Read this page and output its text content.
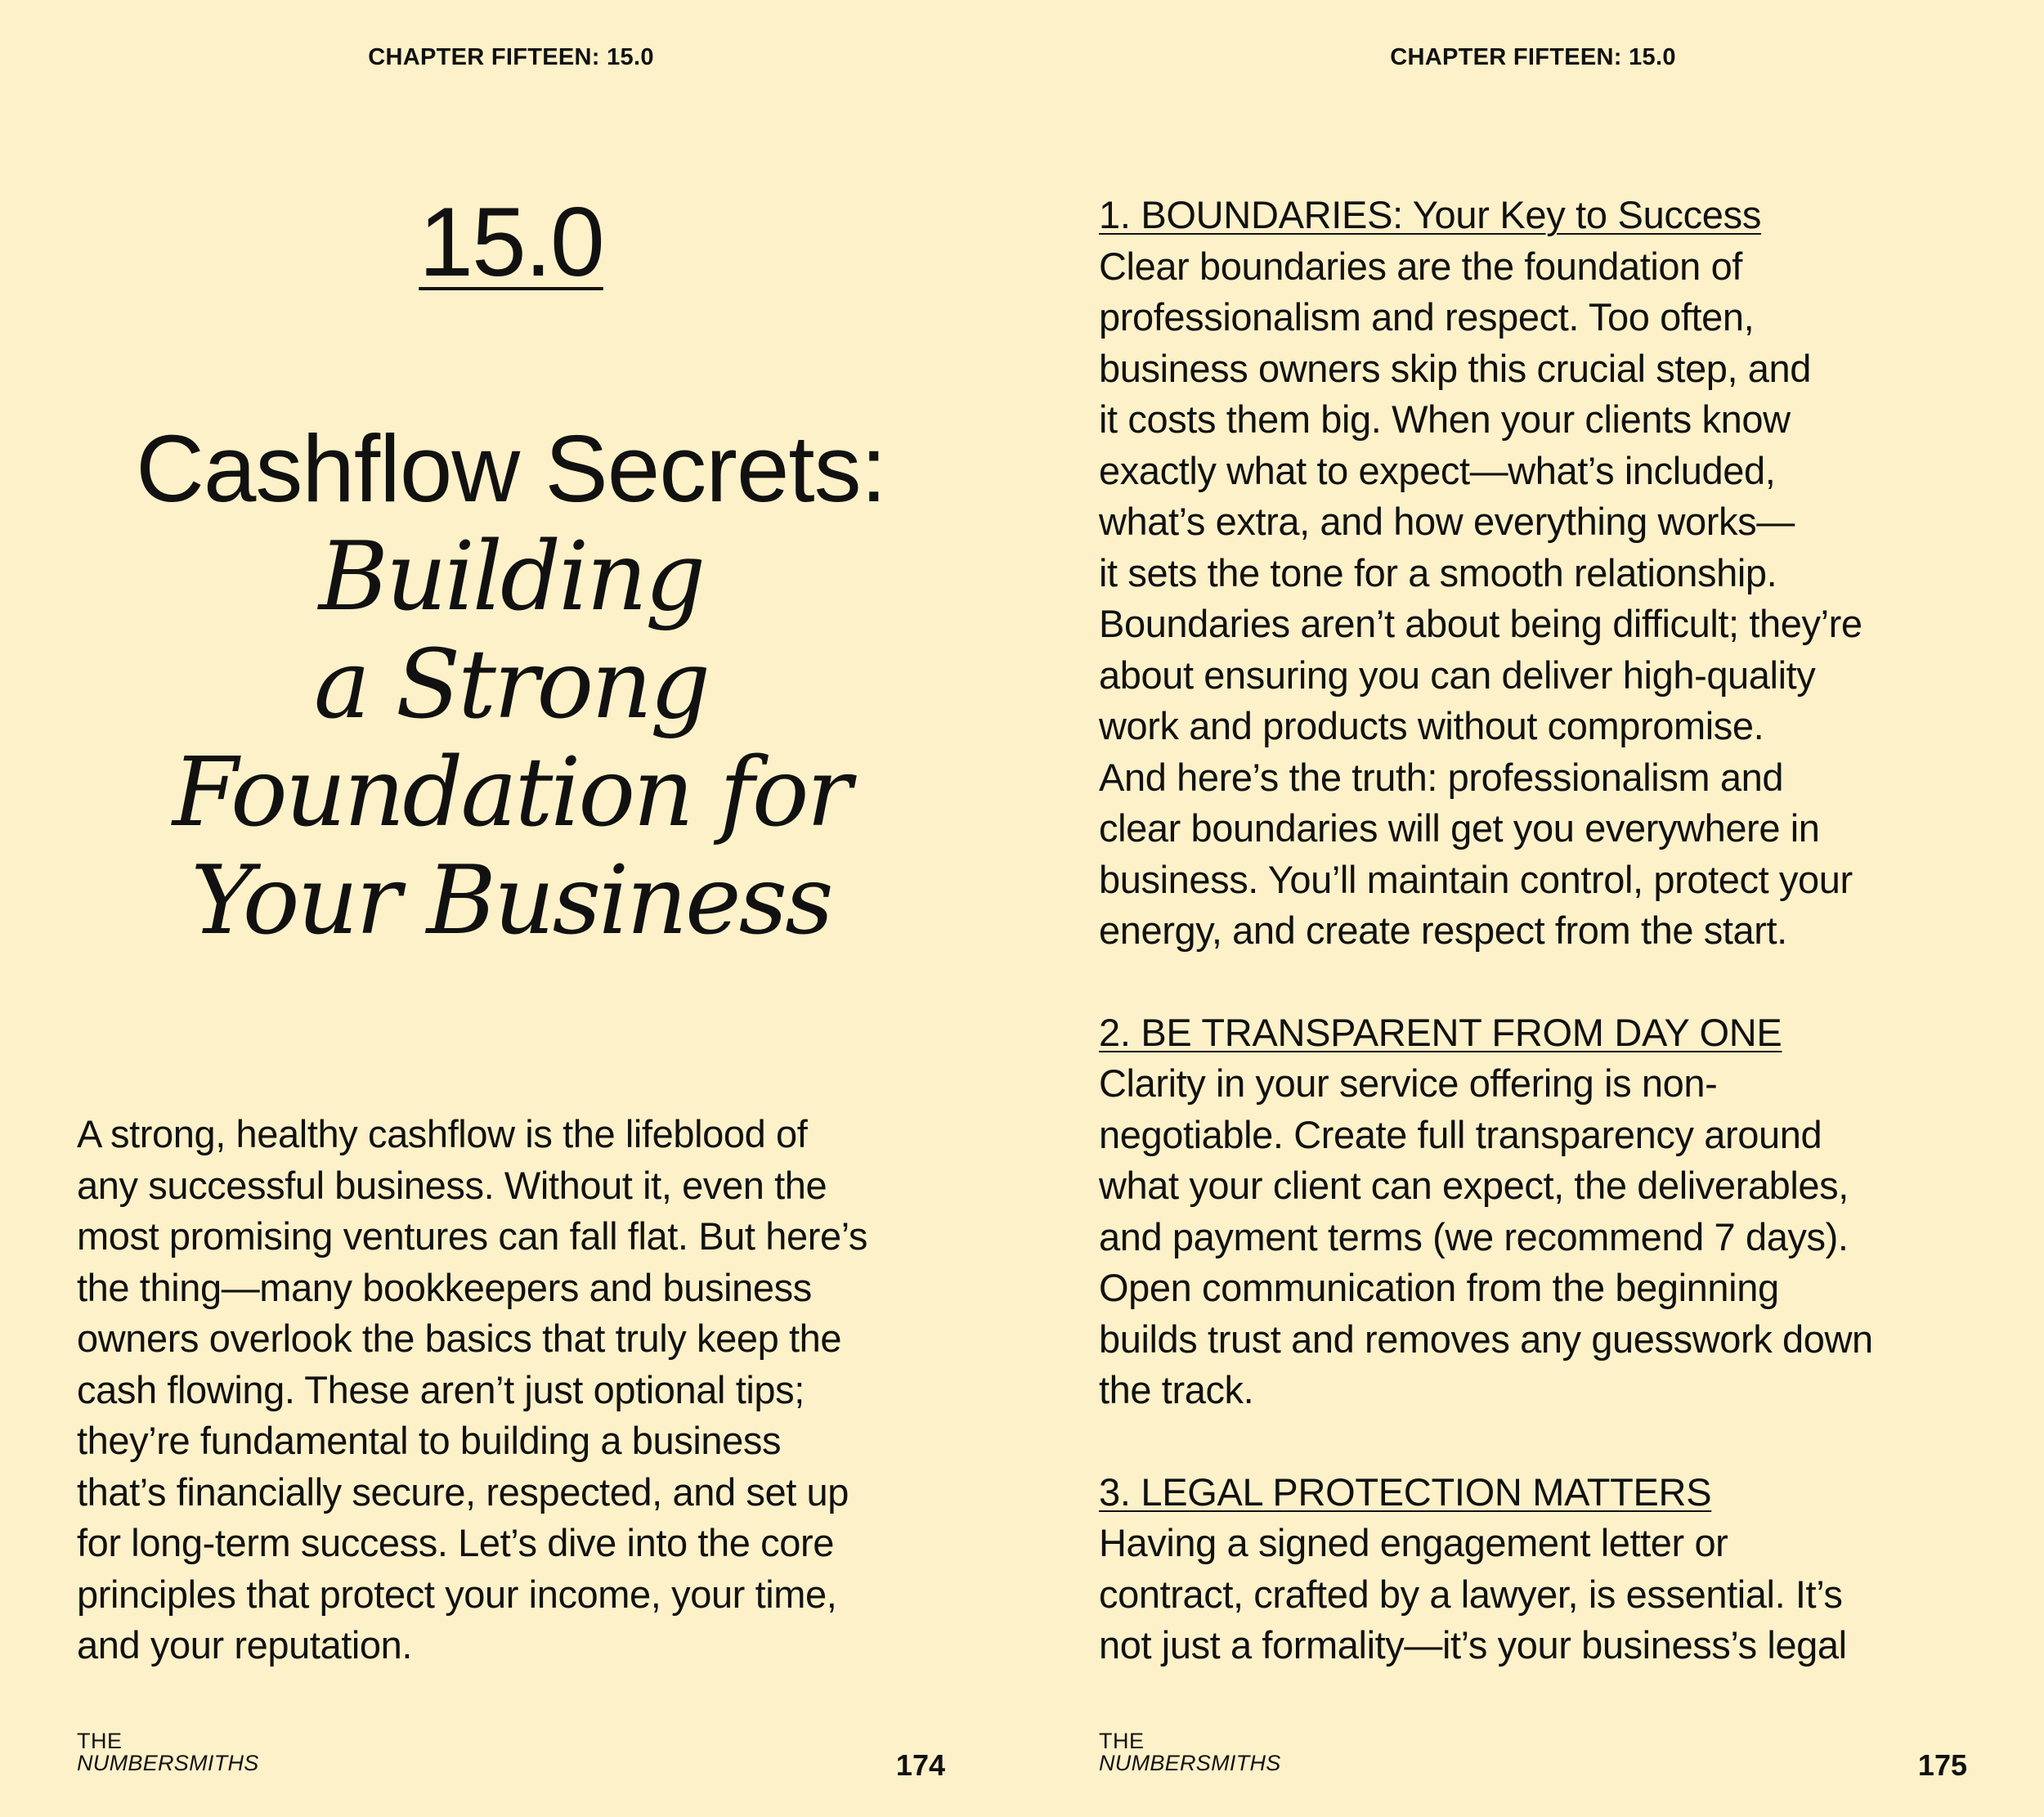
CHAPTER FIFTEEN: 15.0
15.0
Cashflow Secrets:
Building
a Strong
Foundation for
Your Business
A strong, healthy cashflow is the lifeblood of
any successful business. Without it, even the
most promising ventures can fall flat. But here’s
the thing—many bookkeepers and business
owners overlook the basics that truly keep the
cash flowing. These aren’t just optional tips;
they’re fundamental to building a business
that’s financially secure, respected, and set up
for long-term success. Let’s dive into the core
principles that protect your income, your time,
and your reputation.
THE
NUMBERSMITHS	174
CHAPTER FIFTEEN: 15.0
1. BOUNDARIES: Your Key to Success
Clear boundaries are the foundation of
professionalism and respect. Too often,
business owners skip this crucial step, and
it costs them big. When your clients know
exactly what to expect—what’s included,
what’s extra, and how everything works—
it sets the tone for a smooth relationship.
Boundaries aren’t about being difficult; they’re
about ensuring you can deliver high-quality
work and products without compromise.
And here’s the truth: professionalism and
clear boundaries will get you everywhere in
business. You’ll maintain control, protect your
energy, and create respect from the start.
2. BE TRANSPARENT FROM DAY ONE
Clarity in your service offering is non-
negotiable. Create full transparency around
what your client can expect, the deliverables,
and payment terms (we recommend 7 days).
Open communication from the beginning
builds trust and removes any guesswork down
the track.
3. LEGAL PROTECTION MATTERS
Having a signed engagement letter or
contract, crafted by a lawyer, is essential. It’s
not just a formality—it’s your business’s legal
THE
NUMBERSMITHS	175
